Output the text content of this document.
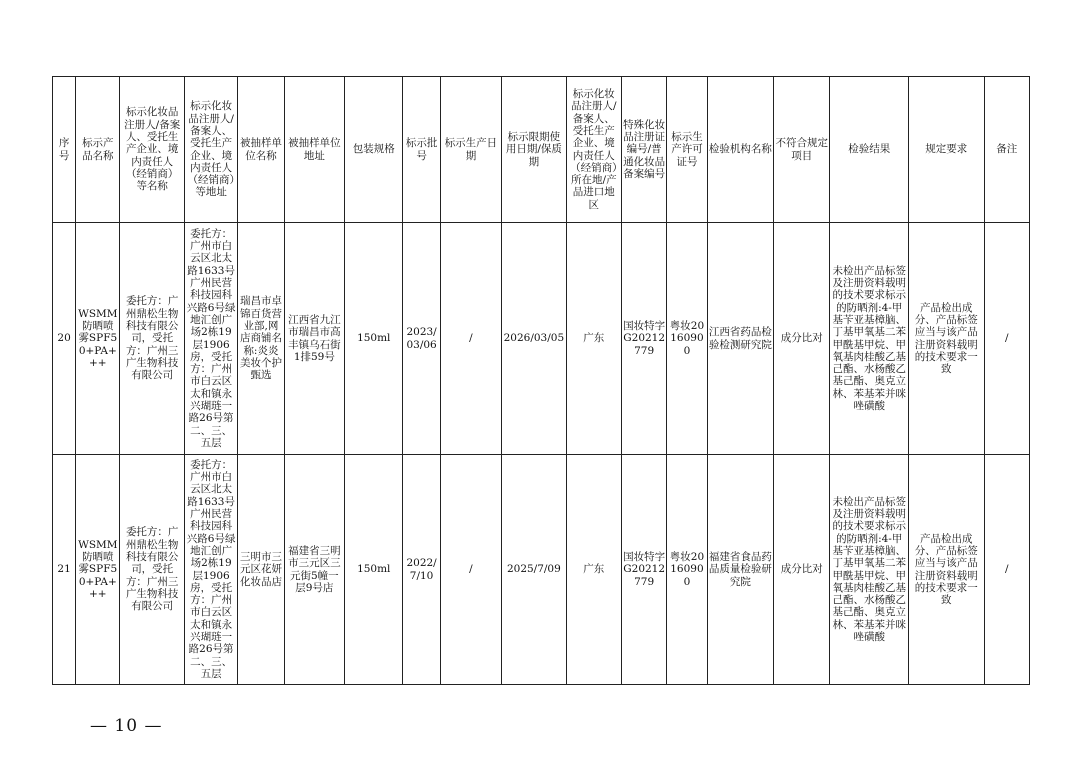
序号	标示产品名称	标示化妆品注册人/备案人、受托生产企业、境内责任人（经销商）等名称	标示化妆品注册人/备案人、受托生产企业、境内责任人（经销商）等地址	被抽样单位名称	被抽样单位地址	包装规格	标示批号	标示生产日期	标示限期使用日期/保质期	标示化妆品注册人/备案人、受托生产企业、境内责任人（经销商）所在地/产品进口地区	特殊化妆品注册证编号/普通化妆品备案编号	标示生产许可证号	检验机构名称	不符合规定项目	检验结果	规定要求	备注
20	WSMM防晒喷雾SPF50+PA+++	委托方：广州鼎松生物科技有限公司，受托方：广州三广生物科技有限公司	委托方：广州市白云区北太路1633号广州民营科技园科兴路6号绿地汇创广场2栋19层1906房，受托方：广州市白云区太和镇永兴瑚琏一路26号第二、三、五层	瑞昌市卓锦百货营业部,网店商铺名称:炎炎美妆个护甄选	江西省九江市瑞昌市高丰镇乌石街1排59号	150ml	2023/03/06	/	2026/03/05	广东	国妆特字G20212779	粤妆20160900	江西省药品检验检测研究院	成分比对	未检出产品标签及注册资料载明的技术要求标示的防晒剂:4-甲基苄亚基樟脑、丁基甲氧基二苯甲酰基甲烷、甲氧基肉桂酸乙基己酯、水杨酸乙基己酯、奥克立林、苯基苯并咪唑磺酸	产品检出成分、产品标签应当与该产品注册资料载明的技术要求一致	/
21	WSMM防晒喷雾SPF50+PA+++	委托方：广州鼎松生物科技有限公司，受托方：广州三广生物科技有限公司	委托方：广州市白云区北太路1633号广州民营科技园科兴路6号绿地汇创广场2栋19层1906房，受托方：广州市白云区太和镇永兴瑚琏一路26号第二、三、五层	三明市三元区花妍化妆品店	福建省三明市三元区三元街5幢一层9号店	150ml	2022/7/10	/	2025/7/09	广东	国妆特字G20212779	粤妆20160900	福建省食品药品质量检验研究院	成分比对	未检出产品标签及注册资料载明的技术要求标示的防晒剂:4-甲基苄亚基樟脑、丁基甲氧基二苯甲酰基甲烷、甲氧基肉桂酸乙基己酯、水杨酸乙基己酯、奥克立林、苯基苯并咪唑磺酸	产品检出成分、产品标签应当与该产品注册资料载明的技术要求一致	/
— 10 —
